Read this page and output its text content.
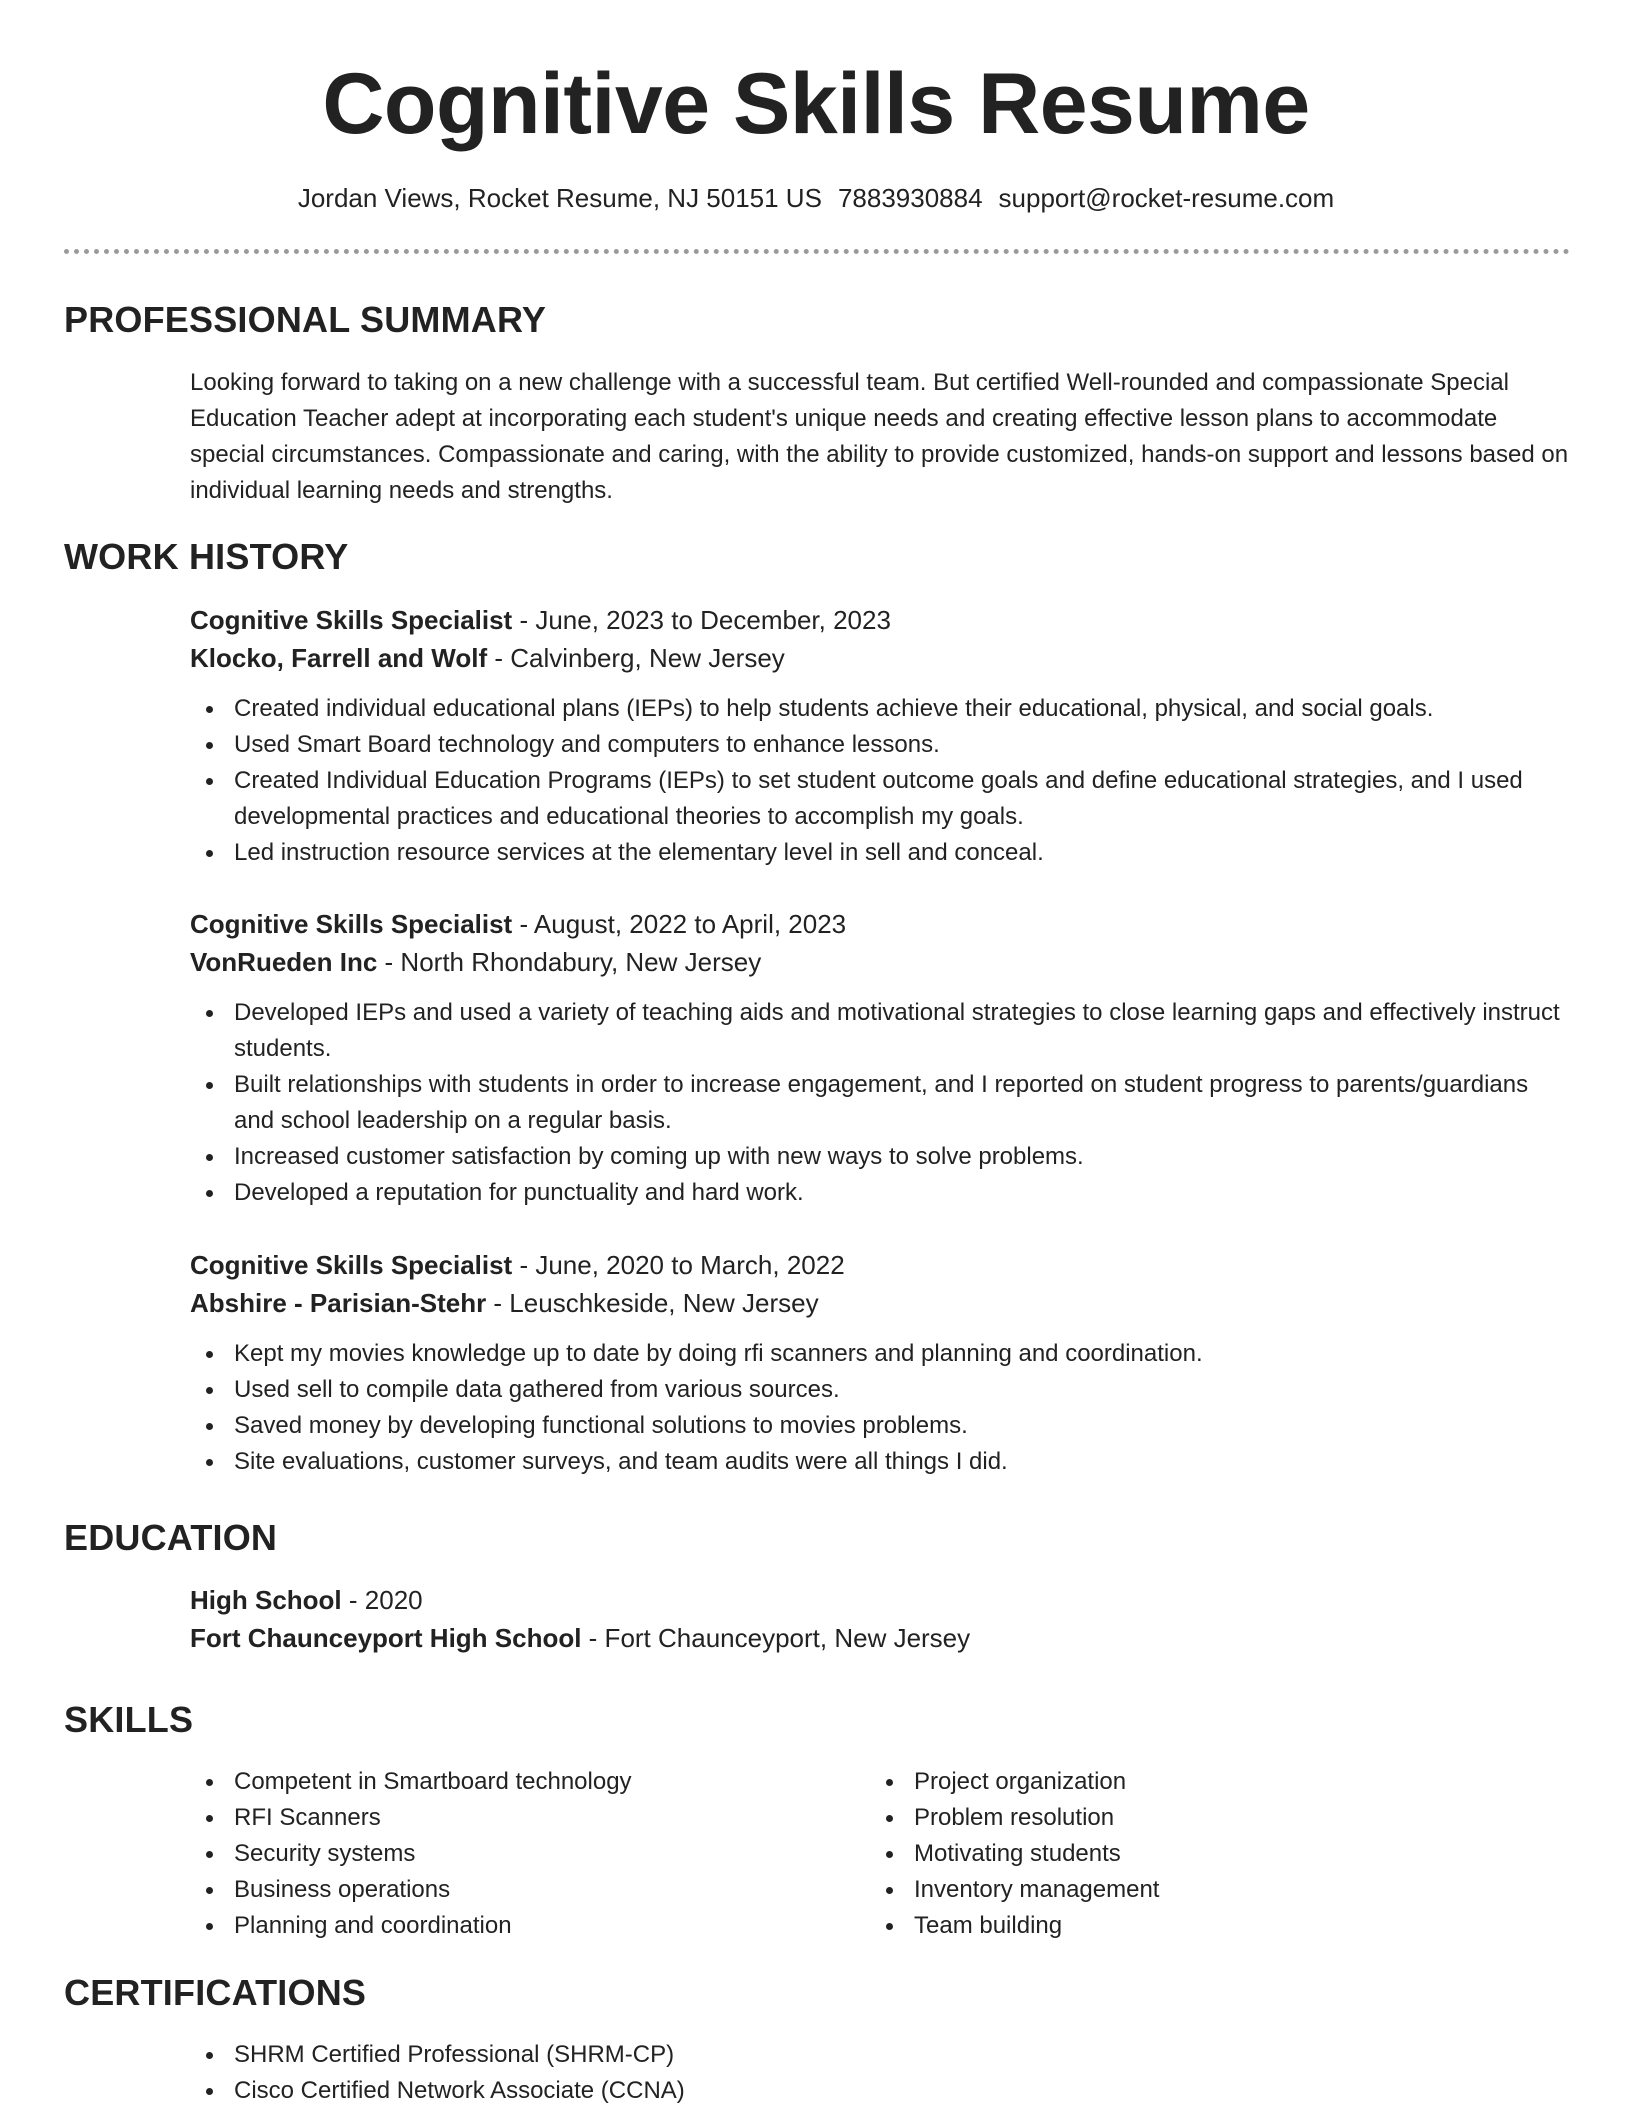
Cognitive Skills Resume
Jordan Views, Rocket Resume, NJ 50151 US 7883930884 support@rocket-resume.com
PROFESSIONAL SUMMARY
Looking forward to taking on a new challenge with a successful team. But certified Well-rounded and compassionate Special Education Teacher adept at incorporating each student's unique needs and creating effective lesson plans to accommodate special circumstances. Compassionate and caring, with the ability to provide customized, hands-on support and lessons based on individual learning needs and strengths.
WORK HISTORY
Cognitive Skills Specialist - June, 2023 to December, 2023
Klocko, Farrell and Wolf - Calvinberg, New Jersey
Created individual educational plans (IEPs) to help students achieve their educational, physical, and social goals.
Used Smart Board technology and computers to enhance lessons.
Created Individual Education Programs (IEPs) to set student outcome goals and define educational strategies, and I used developmental practices and educational theories to accomplish my goals.
Led instruction resource services at the elementary level in sell and conceal.
Cognitive Skills Specialist - August, 2022 to April, 2023
VonRueden Inc - North Rhondabury, New Jersey
Developed IEPs and used a variety of teaching aids and motivational strategies to close learning gaps and effectively instruct students.
Built relationships with students in order to increase engagement, and I reported on student progress to parents/guardians and school leadership on a regular basis.
Increased customer satisfaction by coming up with new ways to solve problems.
Developed a reputation for punctuality and hard work.
Cognitive Skills Specialist - June, 2020 to March, 2022
Abshire - Parisian-Stehr - Leuschkeside, New Jersey
Kept my movies knowledge up to date by doing rfi scanners and planning and coordination.
Used sell to compile data gathered from various sources.
Saved money by developing functional solutions to movies problems.
Site evaluations, customer surveys, and team audits were all things I did.
EDUCATION
High School - 2020
Fort Chaunceyport High School - Fort Chaunceyport, New Jersey
SKILLS
Competent in Smartboard technology
RFI Scanners
Security systems
Business operations
Planning and coordination
Project organization
Problem resolution
Motivating students
Inventory management
Team building
CERTIFICATIONS
SHRM Certified Professional (SHRM-CP)
Cisco Certified Network Associate (CCNA)
